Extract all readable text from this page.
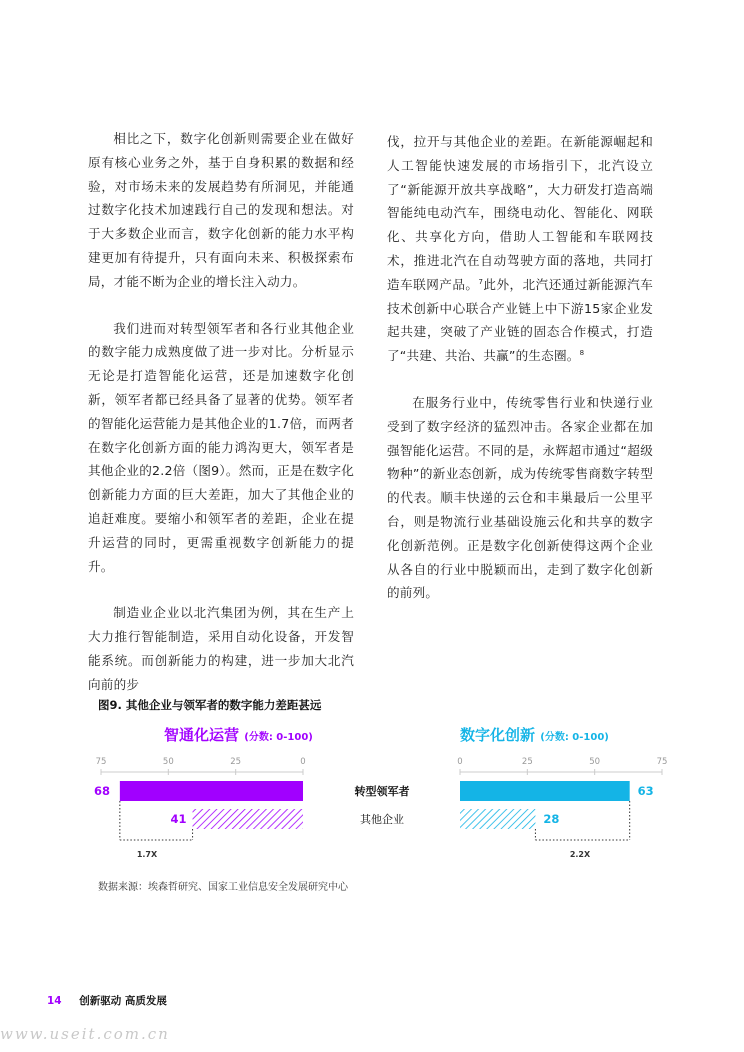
相比之下，数字化创新则需要企业在做好原有核心业务之外，基于自身积累的数据和经验，对市场未来的发展趋势有所洞见，并能通过数字化技术加速践行自己的发现和想法。对于大多数企业而言，数字化创新的能力水平构建更加有待提升，只有面向未来、积极探索布局，才能不断为企业的增长注入动力。

我们进而对转型领军者和各行业其他企业的数字能力成熟度做了进一步对比。分析显示无论是打造智能化运营，还是加速数字化创新，领军者都已经具备了显著的优势。领军者的智能化运营能力是其他企业的1.7倍，而两者在数字化创新方面的能力鸿沟更大，领军者是其他企业的2.2倍（图9）。然而，正是在数字化创新能力方面的巨大差距，加大了其他企业的追赶难度。要缩小和领军者的差距，企业在提升运营的同时，更需重视数字创新能力的提升。

制造业企业以北汽集团为例，其在生产上大力推行智能制造，采用自动化设备，开发智能系统。而创新能力的构建，进一步加大北汽向前的步

伐，拉开与其他企业的差距。在新能源崛起和人工智能快速发展的市场指引下，北汽设立了“新能源开放共享战略”，大力研发打造高端智能纯电动汽车，围绕电动化、智能化、网联化、共享化方向，借助人工智能和车联网技术，推进北汽在自动驾驶方面的落地，共同打造车联网产品。$^7$此外，北汽还通过新能源汽车技术创新中心联合产业链上中下游15家企业发起共建，突破了产业链的固态合作模式，打造了“共建、共治、共赢”的生态圈。$^8$

在服务行业中，传统零售行业和快递行业受到了数字经济的猛烈冲击。各家企业都在加强智能化运营。不同的是，永辉超市通过“超级物种”的新业态创新，成为传统零售商数字转型的代表。顺丰快递的云仓和丰巢最后一公里平台，则是物流行业基础设施云化和共享的数字化创新范例。正是数字化创新使得这两个企业从各自的行业中脱颖而出，走到了数字化创新的前列。

图9. 其他企业与领军者的数字能力差距甚远
智通化运营 (分数: 0-100)	数字化创新 (分数: 0-100)
75	50	25	0
68
41
1.7X
0	25	50	75
63
28
2.2X
转型领军者
其他企业
数据来源：埃森哲研究、国家工业信息安全发展研究中心
14 创新驱动 高质发展
www.useit.com.cn
